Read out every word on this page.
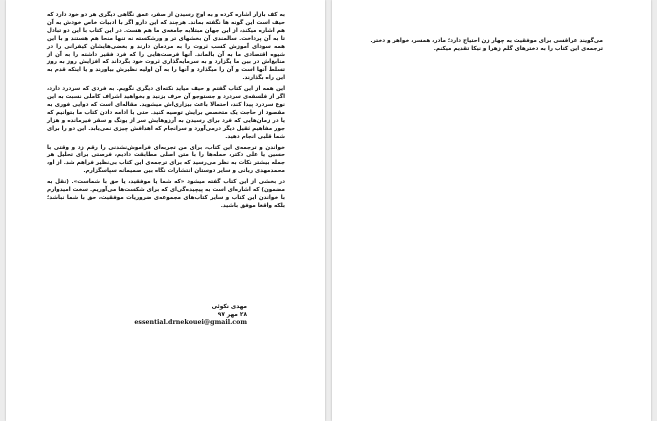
به کف بازار اشاره کرده و به اوج رسیدن از صفر، عمق نگاهی دیگری هر دو خود دارد که حیف است این گونه ها نگفته بماند. هرچند که این دارو اگر با ادبیات خاص خودش به آن هم اشاره میکند، از این جهان مبتلابه جامعه‌ی ما هم هست. در این کتاب با این دو تبادل تا به آن پرداخت. سالمندی آن بخشهای تر و ورشکسته نه تنها منحا هم هستند و با این همه سودای آموزش کسب ثروت را به مردمان دارند و بعضی‌هایشان کیفرانی را در شیوه اقتصادی ما به آن بالماند. آنها فرصت‌هایی را که فرد فقیر داشته را به آن از منابع‌اش در بین ما یگزارد و به سرمایه‌گذاری ثروت خود بگرداند که افزایش روز به روز تسلط آنها است و آن را میگذارد و آنها را به آن اولیه نظیرش بیاورند و یا اینکه قدم به این راه بگذارند.

این همه از این کتاب گفتم و حیف میاید نکته‌ای دیگری نگویم. به فردی که سردرد دارد، اگر از فلسفه‌ی سردرد و جستوجو آن حرف بزنید و بخواهید اشراف کاملی نسبت به این نوع سردرد پیدا کند، احتمالا باعث بیزاری‌اش میشوید. مقاله‌ای است که دوایی فوری به مقصود از حاجت یک متخصص برایش توصیه کنید. حتی با ادامه دادن کتاب ما بتوانیم که یا در زمان‌هایی که فرد برای رسیدن به آرزوهایش سر از یونگ و سقر فیرمانده و هزار جور مفاهیم ثقیل دیگر درمی‌آورد و سرانجام که اهدافش چیزی نمی‌یابد. این دو را برای شما قلبی انجام دهید.

خواندن و ترجمه‌ی این کتاب، برای من تجربه‌ای فراموش‌نشدنی را رقم زد و وقتی با حسین یا علی دکتر، حمله‌ها را با متن اصلی مطابقت دادیم، فرصتی برای تحلیل هر جمله بیشتر نکات به نظر می‌رسید که برای ترجمه‌ی این کتاب بی‌نظیر فراهم شد. از او، محمدمهدی ربانی و سایر دوستان انتشارات نگاه بین صمیمانه سپاسگزارم.

در بخشی از این کتاب گفته میشود «که شما یا موفقید، یا حق با شماست». (نقل به مضمون) که اشاره‌ای است به پیچیده‌گی‌ای که برای شکست‌ها می‌آوریم. سخت امیدوارم با خواندن این کتاب و سایر کتاب‌های مجموعه‌ی ضروریات موفقیت، حق با شما نباشد؛ بلکه واقعا موفق باشید.

مهدی نکوئی
۲۸ مهر ۹۷
essential.drnekouei@gmail.com

می‌گویند عراقسی برای موفقیت به چهار زن احتیاج دارد؛ مادر، همسر، خواهر و دختر.
ترجمه‌ی این کتاب را به دخترهای گلم زهرا و نیکا تقدیم میکنم.
